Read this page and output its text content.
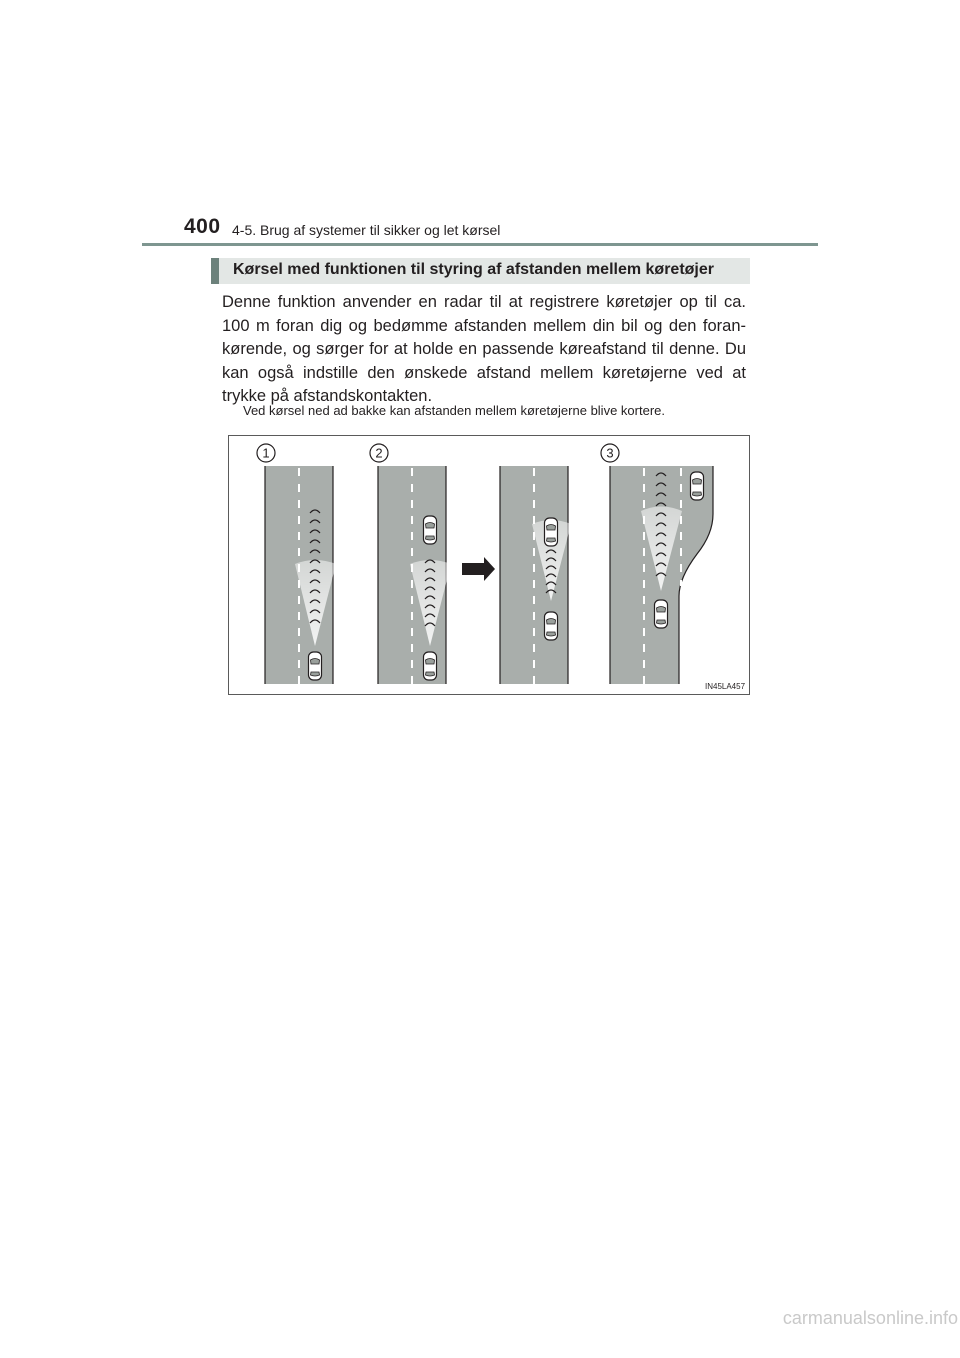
400 4-5. Brug af systemer til sikker og let kørsel
Kørsel med funktionen til styring af afstanden mellem køretøjer

Denne funktion anvender en radar til at registrere køretøjer op til ca. 100 m foran dig og bedømme afstanden mellem din bil og den foran-kørende, og sørger for at holde en passende køreafstand til denne. Du kan også indstille den ønskede afstand mellem køretøjerne ved at trykke på afstandskontakten.

Ved kørsel ned ad bakke kan afstanden mellem køretøjerne blive kortere.

1	2	3
IN45LA457
carmanualsonline.info
